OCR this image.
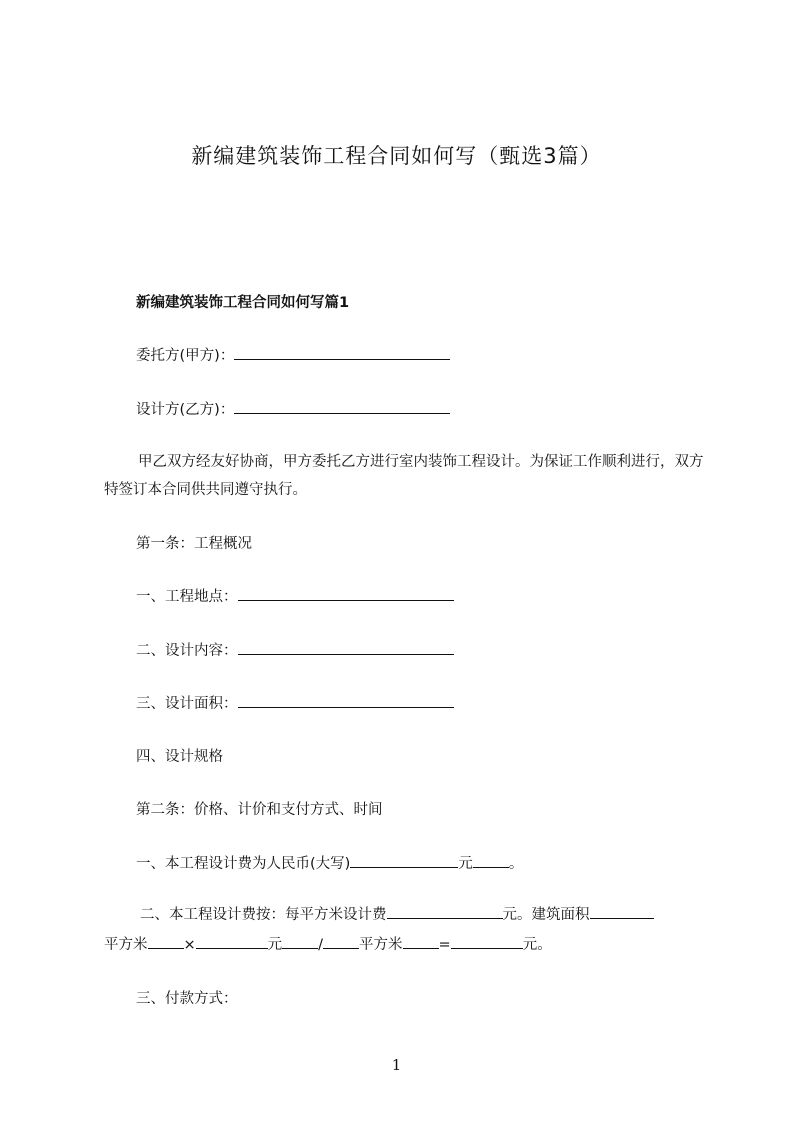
新编建筑装饰工程合同如何写（甄选3篇）
新编建筑装饰工程合同如何写篇1
委托方(甲方)：
设计方(乙方)：
甲乙双方经友好协商，甲方委托乙方进行室内装饰工程设计。为保证工作顺利进行，双方特签订本合同供共同遵守执行。
第一条：工程概况
一、工程地点：
二、设计内容：
三、设计面积：
四、设计规格
第二条：价格、计价和支付方式、时间
一、本工程设计费为人民币(大写)	元 。
二、本工程设计费按：每平方米设计费	元。建筑面积
平方米 ×	元 / 平方米 =	元。
三、付款方式：
1
